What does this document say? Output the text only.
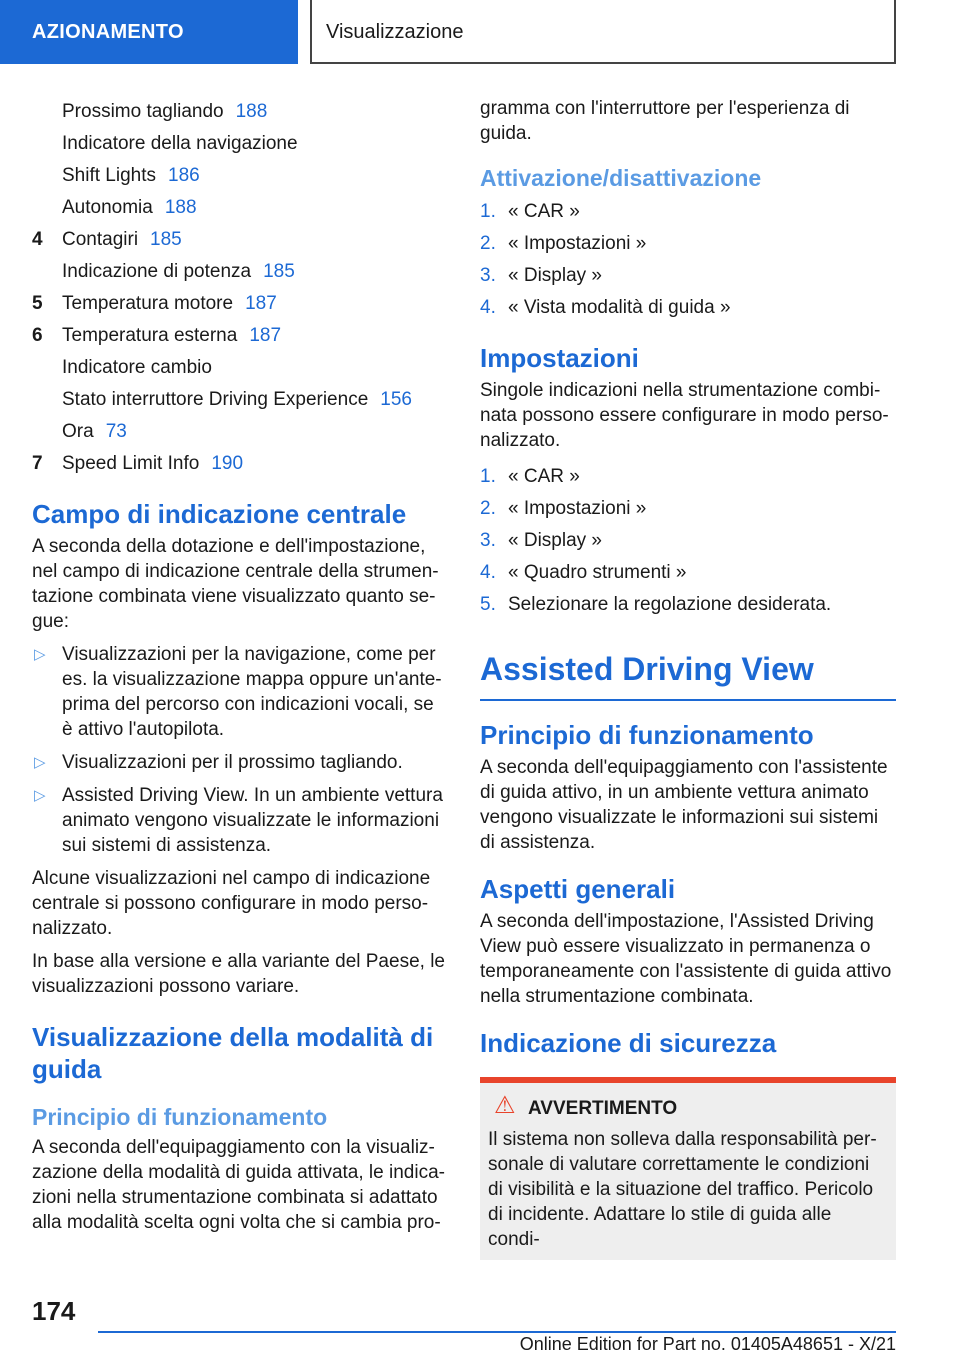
AZIONAMENTO	Visualizzazione
Prossimo tagliando 188
Indicatore della navigazione
Shift Lights 186
Autonomia 188
4 Contagiri 185
Indicazione di potenza 185
5 Temperatura motore 187
6 Temperatura esterna 187
Indicatore cambio
Stato interruttore Driving Experience 156
Ora 73
7 Speed Limit Info 190
Campo di indicazione centrale

A seconda della dotazione e dell'impostazione, nel campo di indicazione centrale della strumen-tazione combinata viene visualizzato quanto se-gue:

▷ Visualizzazioni per la navigazione, come per es. la visualizzazione mappa oppure un'ante-prima del percorso con indicazioni vocali, se è attivo l'autopilota.
▷ Visualizzazioni per il prossimo tagliando.
▷ Assisted Driving View. In un ambiente vettura animato vengono visualizzate le informazioni sui sistemi di assistenza.

Alcune visualizzazioni nel campo di indicazione centrale si possono configurare in modo perso-nalizzato.

In base alla versione e alla variante del Paese, le visualizzazioni possono variare.

Visualizzazione della modalità di guida
Principio di funzionamento

A seconda dell'equipaggiamento con la visualiz-zazione della modalità di guida attivata, le indica-zioni nella strumentazione combinata si adattato alla modalità scelta ogni volta che si cambia pro-

gramma con l'interruttore per l'esperienza di guida.

Attivazione/disattivazione
1. « CAR »
2. « Impostazioni »
3. « Display »
4. « Vista modalità di guida »
Impostazioni

Singole indicazioni nella strumentazione combi-nata possono essere configurare in modo perso-nalizzato.

1. « CAR »
2. « Impostazioni »
3. « Display »
4. « Quadro strumenti »
5. Selezionare la regolazione desiderata.
Assisted Driving View
Principio di funzionamento

A seconda dell'equipaggiamento con l'assistente di guida attivo, in un ambiente vettura animato vengono visualizzate le informazioni sui sistemi di assistenza.

Aspetti generali

A seconda dell'impostazione, l'Assisted Driving View può essere visualizzato in permanenza o temporaneamente con l'assistente di guida attivo nella strumentazione combinata.

Indicazione di sicurezza
⚠ AVVERTIMENTO

Il sistema non solleva dalla responsabilità per-sonale di valutare correttamente le condizioni di visibilità e la situazione del traffico. Pericolo di incidente. Adattare lo stile di guida alle condi-

174
Online Edition for Part no. 01405A48651 - X/21
